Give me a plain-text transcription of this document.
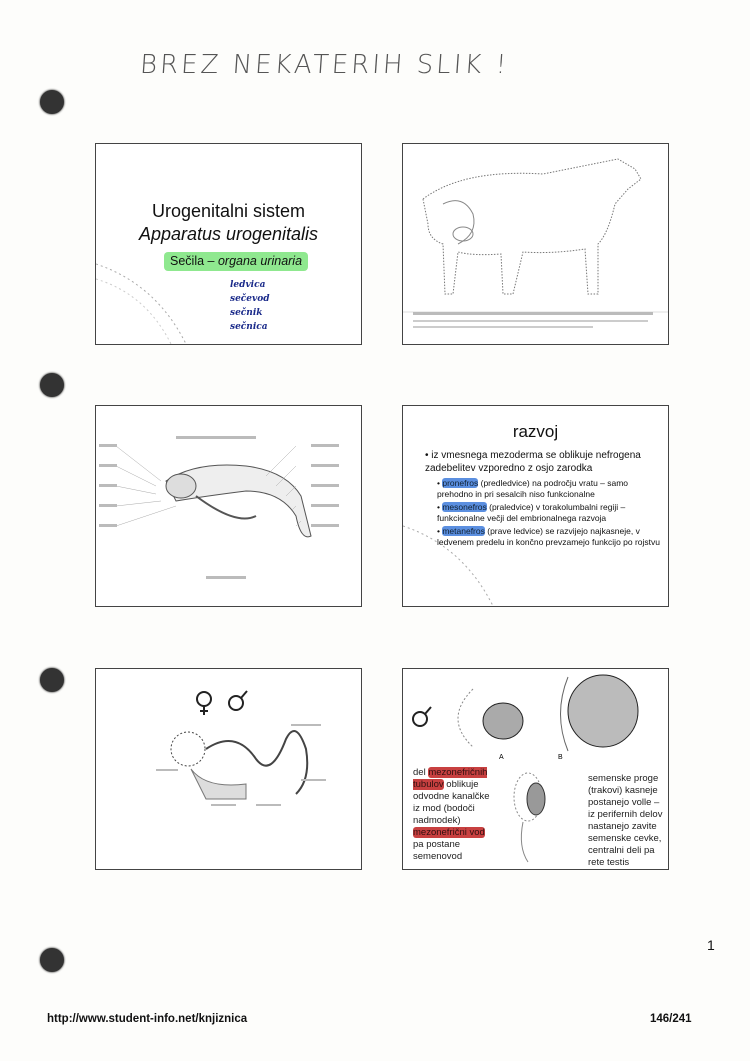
BREZ NEKATERIH SLIK !
Urogenitalni sistem
Apparatus urogenitalis
Sečila – organa urinaria
ledvica
sečevod
sečnik
sečnica
razvoj
• iz vmesnega mezoderma se oblikuje nefrogena zadebelitev vzporedno z osjo zarodka
• pronefros (predledvice) na področju vratu – samo prehodno in pri sesalcih niso funkcionalne
• mesonefros (praledvice) v torakolumbalni regiji – funkcionalne večji del embrionalnega razvoja
• metanefros (prave ledvice) se razvijejo najkasneje, v ledvenem predelu in končno prevzamejo funkcijo po rojstvu
A	B
del mezonefričnih tubulov oblikuje odvodne kanalčke iz mod (bodoči nadmodek) mezonefrični vod pa postane semenovod
semenske proge (trakovi) kasneje postanejo volle – iz perifernih delov nastanejo zavite semenske cevke, centralni deli pa rete testis
1
http://www.student-info.net/knjiznica	146/241
